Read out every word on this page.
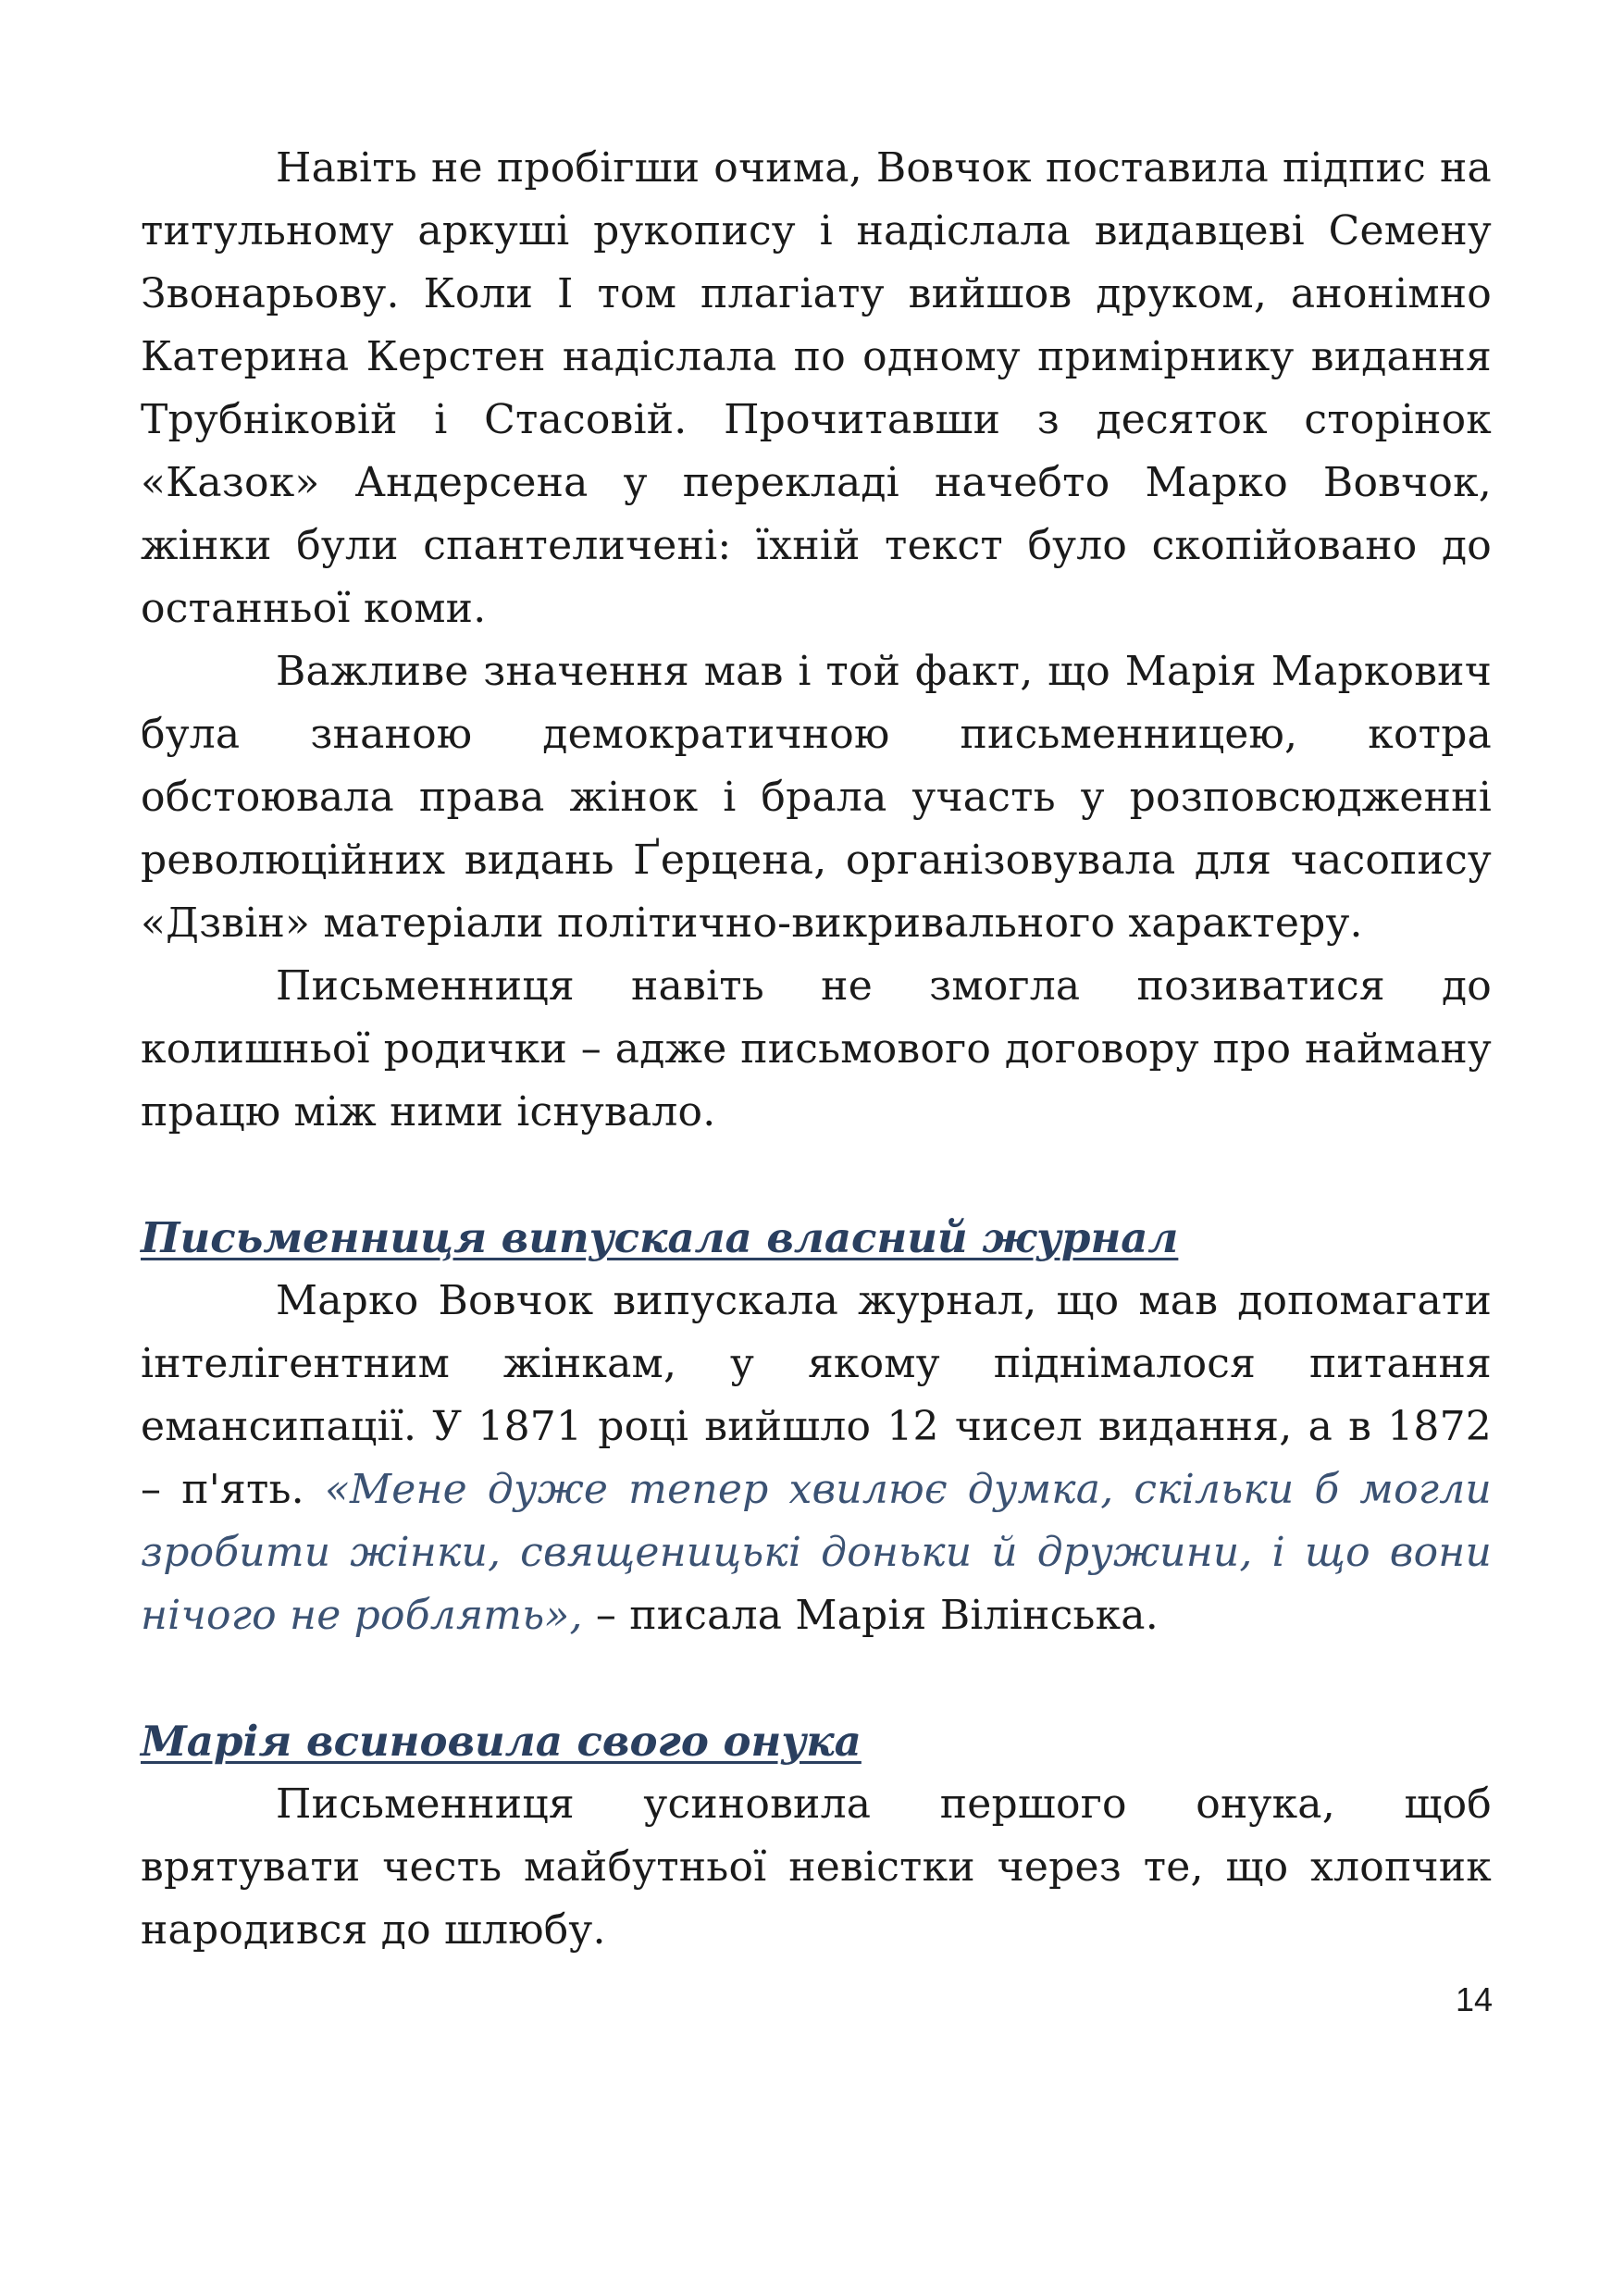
Навіть не пробігши очима, Вовчок поставила підпис на титульному аркуші рукопису і надіслала видавцеві Семену Звонарьову. Коли I том плагіату вийшов друком, анонімно Катерина Керстен надіслала по одному примірнику видання Трубніковій і Стасовій. Прочитавши з десяток сторінок «Казок» Андерсена у перекладі начебто Марко Вовчок, жінки були спантеличені: їхній текст було скопійовано до останньої коми.

Важливе значення мав і той факт, що Марія Маркович була знаною демократичною письменницею, котра обстоювала права жінок і брала участь у розповсюдженні революційних видань Ґерцена, організовувала для часопису «Дзвін» матеріали політично-викривального характеру.

Письменниця навіть не змогла позиватися до колишньої родички – адже письмового договору про найману працю між ними існувало.

Письменниця випускала власний журнал

Марко Вовчок випускала журнал, що мав допомагати інтелігентним жінкам, у якому піднімалося питання емансипації. У 1871 році вийшло 12 чисел видання, а в 1872 – п'ять. «Мене дуже тепер хвилює думка, скільки б могли зробити жінки, священицькі доньки й дружини, і що вони нічого не роблять», – писала Марія Вілінська.

Марія всиновила свого онука

Письменниця усиновила першого онука, щоб врятувати честь майбутньої невістки через те, що хлопчик народився до шлюбу.

14
